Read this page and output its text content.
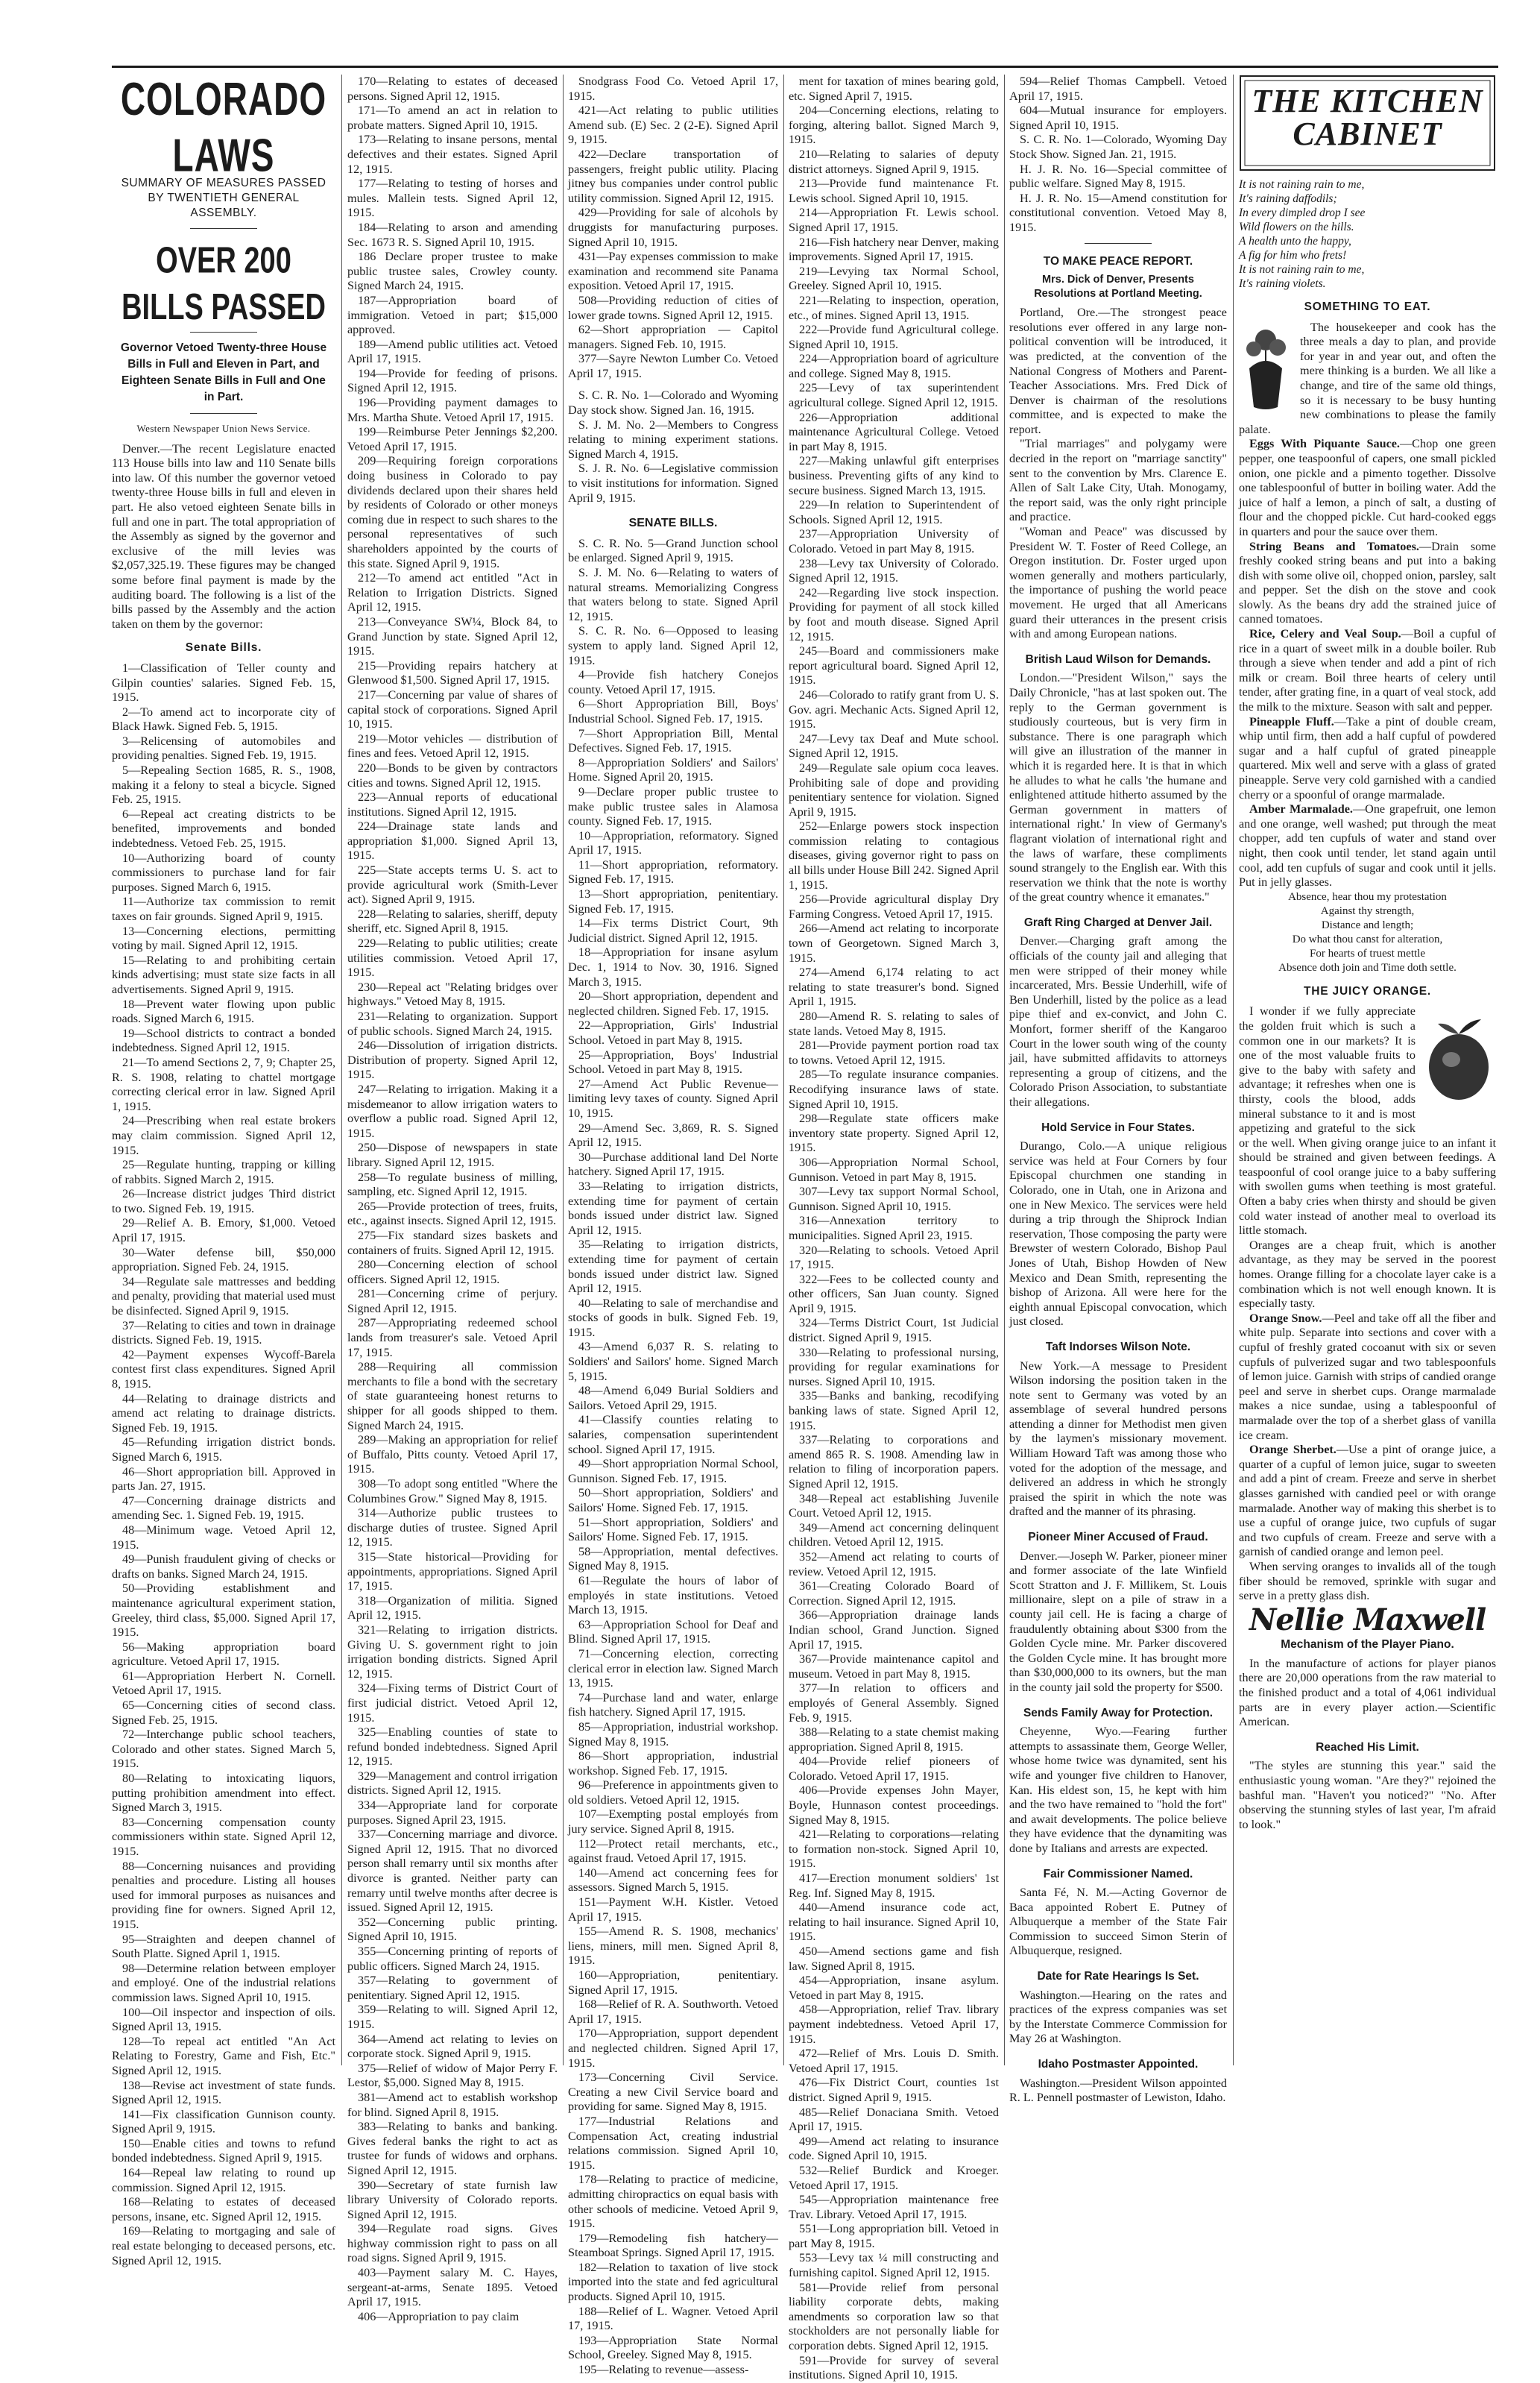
COLORADO LAWS
SUMMARY OF MEASURES PASSED BY TWENTIETH GENERAL ASSEMBLY.
OVER 200 BILLS PASSED
Governor Vetoed Twenty-three House Bills in Full and Eleven in Part, and Eighteen Senate Bills in Full and One in Part.
Western Newspaper Union News Service.

Denver.—The recent Legislature enacted 113 House bills into law and 110 Senate bills into law. Of this number the governor vetoed twenty-three House bills in full and eleven in part. He also vetoed eighteen Senate bills in full and one in part. The total appropriation of the Assembly as signed by the governor and exclusive of the mill levies was $2,057,325.19. These figures may be changed some before final payment is made by the auditing board. The following is a list of the bills passed by the Assembly and the action taken on them by the governor:

Senate Bills.

1—Classification of Teller county and Gilpin counties' salaries. Signed Feb. 15, 1915.

2—To amend act to incorporate city of Black Hawk. Signed Feb. 5, 1915.

3—Relicensing of automobiles and providing penalties. Signed Feb. 19, 1915.

5—Repealing Section 1685, R. S., 1908, making it a felony to steal a bicycle. Signed Feb. 25, 1915.

6—Repeal act creating districts to be benefited, improvements and bonded indebtedness. Vetoed Feb. 25, 1915.

10—Authorizing board of county commissioners to purchase land for fair purposes. Signed March 6, 1915.

11—Authorize tax commission to remit taxes on fair grounds. Signed April 9, 1915.

13—Concerning elections, permitting voting by mail. Signed April 12, 1915.

15—Relating to and prohibiting certain kinds advertising; must state size facts in all advertisements. Signed April 9, 1915.

18—Prevent water flowing upon public roads. Signed March 6, 1915.

19—School districts to contract a bonded indebtedness. Signed April 12, 1915.

21—To amend Sections 2, 7, 9; Chapter 25, R. S. 1908, relating to chattel mortgage correcting clerical error in law. Signed April 1, 1915.

24—Prescribing when real estate brokers may claim commission. Signed April 12, 1915.

25—Regulate hunting, trapping or killing of rabbits. Signed March 2, 1915.

26—Increase district judges Third district to two. Signed Feb. 19, 1915.

29—Relief A. B. Emory, $1,000. Vetoed April 17, 1915.

30—Water defense bill, $50,000 appropriation. Signed Feb. 24, 1915.

34—Regulate sale mattresses and bedding and penalty, providing that material used must be disinfected. Signed April 9, 1915.

37—Relating to cities and town in drainage districts. Signed Feb. 19, 1915.

42—Payment expenses Wycoff-Barela contest first class expenditures. Signed April 8, 1915.

44—Relating to drainage districts and amend act relating to drainage districts. Signed Feb. 19, 1915.

45—Refunding irrigation district bonds. Signed March 6, 1915.

46—Short appropriation bill. Approved in parts Jan. 27, 1915.

47—Concerning drainage districts and amending Sec. 1. Signed Feb. 19, 1915.

48—Minimum wage. Vetoed April 12, 1915.

49—Punish fraudulent giving of checks or drafts on banks. Signed March 24, 1915.

50—Providing establishment and maintenance agricultural experiment station, Greeley, third class, $5,000. Signed April 17, 1915.

56—Making appropriation board agriculture. Vetoed April 17, 1915.

61—Appropriation Herbert N. Cornell. Vetoed April 17, 1915.

65—Concerning cities of second class. Signed Feb. 25, 1915.

72—Interchange public school teachers, Colorado and other states. Signed March 5, 1915.

80—Relating to intoxicating liquors, putting prohibition amendment into effect. Signed March 3, 1915.

83—Concerning compensation county commissioners within state. Signed April 12, 1915.

88—Concerning nuisances and providing penalties and procedure. Listing all houses used for immoral purposes as nuisances and providing fine for owners. Signed April 12, 1915.

95—Straighten and deepen channel of South Platte. Signed April 1, 1915.

98—Determine relation between employer and employé. One of the industrial relations commission laws. Signed April 10, 1915.

100—Oil inspector and inspection of oils. Signed April 13, 1915.

128—To repeal act entitled "An Act Relating to Forestry, Game and Fish, Etc." Signed April 12, 1915.

138—Revise act investment of state funds. Signed April 12, 1915.

141—Fix classification Gunnison county. Signed April 9, 1915.

150—Enable cities and towns to refund bonded indebtedness. Signed April 9, 1915.

164—Repeal law relating to round up commission. Signed April 12, 1915.

168—Relating to estates of deceased persons, insane, etc. Signed April 12, 1915.

169—Relating to mortgaging and sale of real estate belonging to deceased persons, etc. Signed April 12, 1915.

170—Relating to estates of deceased persons. Signed April 12, 1915.

171—To amend an act in relation to probate matters. Signed April 10, 1915.

173—Relating to insane persons, mental defectives and their estates. Signed April 12, 1915.

177—Relating to testing of horses and mules. Mallein tests. Signed April 12, 1915.

184—Relating to arson and amending Sec. 1673 R. S. Signed April 10, 1915.

186 Declare proper trustee to make public trustee sales, Crowley county. Signed March 24, 1915.

187—Appropriation board of immigration. Vetoed in part; $15,000 approved.

189—Amend public utilities act. Vetoed April 17, 1915.

194—Provide for feeding of prisons. Signed April 12, 1915.

196—Providing payment damages to Mrs. Martha Shute. Vetoed April 17, 1915.

199—Reimburse Peter Jennings $2,200. Vetoed April 17, 1915.

209—Requiring foreign corporations doing business in Colorado to pay dividends declared upon their shares held by residents of Colorado or other moneys coming due in respect to such shares to the personal representatives of such shareholders appointed by the courts of this state. Signed April 9, 1915.

212—To amend act entitled "Act in Relation to Irrigation Districts. Signed April 12, 1915.

213—Conveyance SW¼, Block 84, to Grand Junction by state. Signed April 12, 1915.

215—Providing repairs hatchery at Glenwood $1,500. Signed April 17, 1915.

217—Concerning par value of shares of capital stock of corporations. Signed April 10, 1915.

219—Motor vehicles — distribution of fines and fees. Vetoed April 12, 1915.

220—Bonds to be given by contractors cities and towns. Signed April 12, 1915.

223—Annual reports of educational institutions. Signed April 12, 1915.

224—Drainage state lands and appropriation $1,000. Signed April 13, 1915.

225—State accepts terms U. S. act to provide agricultural work (Smith-Lever act). Signed April 9, 1915.

228—Relating to salaries, sheriff, deputy sheriff, etc. Signed April 8, 1915.

229—Relating to public utilities; create utilities commission. Vetoed April 17, 1915.

230—Repeal act "Relating bridges over highways." Vetoed May 8, 1915.

231—Relating to organization. Support of public schools. Signed March 24, 1915.

246—Dissolution of irrigation districts. Distribution of property. Signed April 12, 1915.

247—Relating to irrigation. Making it a misdemeanor to allow irrigation waters to overflow a public road. Signed April 12, 1915.

250—Dispose of newspapers in state library. Signed April 12, 1915.

258—To regulate business of milling, sampling, etc. Signed April 12, 1915.

265—Provide protection of trees, fruits, etc., against insects. Signed April 12, 1915.

275—Fix standard sizes baskets and containers of fruits. Signed April 12, 1915.

280—Concerning election of school officers. Signed April 12, 1915.

281—Concerning crime of perjury. Signed April 12, 1915.

287—Appropriating redeemed school lands from treasurer's sale. Vetoed April 17, 1915.

288—Requiring all commission merchants to file a bond with the secretary of state guaranteeing honest returns to shipper for all goods shipped to them. Signed March 24, 1915.

289—Making an appropriation for relief of Buffalo, Pitts county. Vetoed April 17, 1915.

308—To adopt song entitled "Where the Columbines Grow." Signed May 8, 1915.

314—Authorize public trustees to discharge duties of trustee. Signed April 12, 1915.

315—State historical—Providing for appointments, appropriations. Signed April 17, 1915.

318—Organization of militia. Signed April 12, 1915.

321—Relating to irrigation districts. Giving U. S. government right to join irrigation bonding districts. Signed April 12, 1915.

324—Fixing terms of District Court of first judicial district. Vetoed April 12, 1915.

325—Enabling counties of state to refund bonded indebtedness. Signed April 12, 1915.

329—Management and control irrigation districts. Signed April 12, 1915.

334—Appropriate land for corporate purposes. Signed April 23, 1915.

337—Concerning marriage and divorce. Signed April 12, 1915. That no divorced person shall remarry until six months after divorce is granted. Neither party can remarry until twelve months after decree is issued. Signed April 12, 1915.

352—Concerning public printing. Signed April 10, 1915.

355—Concerning printing of reports of public officers. Signed March 24, 1915.

357—Relating to government of penitentiary. Signed April 12, 1915.

359—Relating to will. Signed April 12, 1915.

364—Amend act relating to levies on corporate stock. Signed April 9, 1915.

375—Relief of widow of Major Perry F. Lestor, $5,000. Signed May 8, 1915.

381—Amend act to establish workshop for blind. Signed April 8, 1915.

383—Relating to banks and banking. Gives federal banks the right to act as trustee for funds of widows and orphans. Signed April 12, 1915.

390—Secretary of state furnish law library University of Colorado reports. Signed April 12, 1915.

394—Regulate road signs. Gives highway commission right to pass on all road signs. Signed April 9, 1915.

403—Payment salary M. C. Hayes, sergeant-at-arms, Senate 1895. Vetoed April 17, 1915.

406—Appropriation to pay claim

Snodgrass Food Co. Vetoed April 17, 1915.

421—Act relating to public utilities Amend sub. (E) Sec. 2 (2-E). Signed April 9, 1915.

422—Declare transportation of passengers, freight public utility. Placing jitney bus companies under control public utility commission. Signed April 12, 1915.

429—Providing for sale of alcohols by druggists for manufacturing purposes. Signed April 10, 1915.

431—Pay expenses commission to make examination and recommend site Panama exposition. Vetoed April 17, 1915.

508—Providing reduction of cities of lower grade towns. Signed April 12, 1915.

62—Short appropriation — Capitol managers. Signed Feb. 10, 1915.

377—Sayre Newton Lumber Co. Vetoed April 17, 1915.

S. C. R. No. 1—Colorado and Wyoming Day stock show. Signed Jan. 16, 1915.

S. J. M. No. 2—Members to Congress relating to mining experiment stations. Signed March 4, 1915.

S. J. R. No. 6—Legislative commission to visit institutions for information. Signed April 9, 1915.

SENATE BILLS.

S. C. R. No. 5—Grand Junction school be enlarged. Signed April 9, 1915.

S. J. M. No. 6—Relating to waters of natural streams. Memorializing Congress that waters belong to state. Signed April 12, 1915.

S. C. R. No. 6—Opposed to leasing system to apply land. Signed April 12, 1915.

4—Provide fish hatchery Conejos county. Vetoed April 17, 1915.

6—Short Appropriation Bill, Boys' Industrial School. Signed Feb. 17, 1915.

7—Short Appropriation Bill, Mental Defectives. Signed Feb. 17, 1915.

8—Appropriation Soldiers' and Sailors' Home. Signed April 20, 1915.

9—Declare proper public trustee to make public trustee sales in Alamosa county. Signed Feb. 17, 1915.

10—Appropriation, reformatory. Signed April 17, 1915.

11—Short appropriation, reformatory. Signed Feb. 17, 1915.

13—Short appropriation, penitentiary. Signed Feb. 17, 1915.

14—Fix terms District Court, 9th Judicial district. Signed April 12, 1915.

18—Appropriation for insane asylum Dec. 1, 1914 to Nov. 30, 1916. Signed March 3, 1915.

20—Short appropriation, dependent and neglected children. Signed Feb. 17, 1915.

22—Appropriation, Girls' Industrial School. Vetoed in part May 8, 1915.

25—Appropriation, Boys' Industrial School. Vetoed in part May 8, 1915.

27—Amend Act Public Revenue—limiting levy taxes of county. Signed April 10, 1915.

29—Amend Sec. 3,869, R. S. Signed April 12, 1915.

30—Purchase additional land Del Norte hatchery. Signed April 17, 1915.

33—Relating to irrigation districts, extending time for payment of certain bonds issued under district law. Signed April 12, 1915.

35—Relating to irrigation districts, extending time for payment of certain bonds issued under district law. Signed April 12, 1915.

40—Relating to sale of merchandise and stocks of goods in bulk. Signed Feb. 19, 1915.

43—Amend 6,037 R. S. relating to Soldiers' and Sailors' home. Signed March 5, 1915.

48—Amend 6,049 Burial Soldiers and Sailors. Vetoed April 29, 1915.

41—Classify counties relating to salaries, compensation superintendent school. Signed April 17, 1915.

49—Short appropriation Normal School, Gunnison. Signed Feb. 17, 1915.

50—Short appropriation, Soldiers' and Sailors' Home. Signed Feb. 17, 1915.

51—Short appropriation, Soldiers' and Sailors' Home. Signed Feb. 17, 1915.

58—Appropriation, mental defectives. Signed May 8, 1915.

61—Regulate the hours of labor of employés in state institutions. Vetoed March 13, 1915.

63—Appropriation School for Deaf and Blind. Signed April 17, 1915.

71—Concerning election, correcting clerical error in election law. Signed March 13, 1915.

74—Purchase land and water, enlarge fish hatchery. Signed April 17, 1915.

85—Appropriation, industrial workshop. Signed May 8, 1915.

86—Short appropriation, industrial workshop. Signed Feb. 17, 1915.

96—Preference in appointments given to old soldiers. Vetoed April 12, 1915.

107—Exempting postal employés from jury service. Signed April 8, 1915.

112—Protect retail merchants, etc., against fraud. Vetoed April 17, 1915.

140—Amend act concerning fees for assessors. Signed March 5, 1915.

151—Payment W.H. Kistler. Vetoed April 17, 1915.

155—Amend R. S. 1908, mechanics' liens, miners, mill men. Signed April 8, 1915.

160—Appropriation, penitentiary. Signed April 17, 1915.

168—Relief of R. A. Southworth. Vetoed April 17, 1915.

170—Appropriation, support dependent and neglected children. Signed April 17, 1915.

173—Concerning Civil Service. Creating a new Civil Service board and providing for same. Signed May 8, 1915.

177—Industrial Relations and Compensation Act, creating industrial relations commission. Signed April 10, 1915.

178—Relating to practice of medicine, admitting chiropractics on equal basis with other schools of medicine. Vetoed April 9, 1915.

179—Remodeling fish hatchery—Steamboat Springs. Signed April 17, 1915.

182—Relation to taxation of live stock imported into the state and fed agricultural products. Signed April 10, 1915.

188—Relief of L. Wagner. Vetoed April 17, 1915.

193—Appropriation State Normal School, Greeley. Signed May 8, 1915.

195—Relating to revenue—assess-

ment for taxation of mines bearing gold, etc. Signed April 7, 1915.

204—Concerning elections, relating to forging, altering ballot. Signed March 9, 1915.

210—Relating to salaries of deputy district attorneys. Signed April 9, 1915.

213—Provide fund maintenance Ft. Lewis school. Signed April 10, 1915.

214—Appropriation Ft. Lewis school. Signed April 17, 1915.

216—Fish hatchery near Denver, making improvements. Signed April 17, 1915.

219—Levying tax Normal School, Greeley. Signed April 10, 1915.

221—Relating to inspection, operation, etc., of mines. Signed April 13, 1915.

222—Provide fund Agricultural college. Signed April 10, 1915.

224—Appropriation board of agriculture and college. Signed May 8, 1915.

225—Levy of tax superintendent agricultural college. Signed April 12, 1915.

226—Appropriation additional maintenance Agricultural College. Vetoed in part May 8, 1915.

227—Making unlawful gift enterprises business. Preventing gifts of any kind to secure business. Signed March 13, 1915.

229—In relation to Superintendent of Schools. Signed April 12, 1915.

237—Appropriation University of Colorado. Vetoed in part May 8, 1915.

238—Levy tax University of Colorado. Signed April 12, 1915.

242—Regarding live stock inspection. Providing for payment of all stock killed by foot and mouth disease. Signed April 12, 1915.

245—Board and commissioners make report agricultural board. Signed April 12, 1915.

246—Colorado to ratify grant from U. S. Gov. agri. Mechanic Acts. Signed April 12, 1915.

247—Levy tax Deaf and Mute school. Signed April 12, 1915.

249—Regulate sale opium coca leaves. Prohibiting sale of dope and providing penitentiary sentence for violation. Signed April 9, 1915.

252—Enlarge powers stock inspection commission relating to contagious diseases, giving governor right to pass on all bills under House Bill 242. Signed April 1, 1915.

256—Provide agricultural display Dry Farming Congress. Vetoed April 17, 1915.

266—Amend act relating to incorporate town of Georgetown. Signed March 3, 1915.

274—Amend 6,174 relating to act relating to state treasurer's bond. Signed April 1, 1915.

280—Amend R. S. relating to sales of state lands. Vetoed May 8, 1915.

281—Provide payment portion road tax to towns. Vetoed April 12, 1915.

285—To regulate insurance companies. Recodifying insurance laws of state. Signed April 10, 1915.

298—Regulate state officers make inventory state property. Signed April 12, 1915.

306—Appropriation Normal School, Gunnison. Vetoed in part May 8, 1915.

307—Levy tax support Normal School, Gunnison. Signed April 10, 1915.

316—Annexation territory to municipalities. Signed April 23, 1915.

320—Relating to schools. Vetoed April 17, 1915.

322—Fees to be collected county and other officers, San Juan county. Signed April 9, 1915.

324—Terms District Court, 1st Judicial district. Signed April 9, 1915.

330—Relating to professional nursing, providing for regular examinations for nurses. Signed April 10, 1915.

335—Banks and banking, recodifying banking laws of state. Signed April 12, 1915.

337—Relating to corporations and amend 865 R. S. 1908. Amending law in relation to filing of incorporation papers. Signed April 12, 1915.

348—Repeal act establishing Juvenile Court. Vetoed April 12, 1915.

349—Amend act concerning delinquent children. Vetoed April 12, 1915.

352—Amend act relating to courts of review. Vetoed April 12, 1915.

361—Creating Colorado Board of Correction. Signed April 12, 1915.

366—Appropriation drainage lands Indian school, Grand Junction. Signed April 17, 1915.

367—Provide maintenance capitol and museum. Vetoed in part May 8, 1915.

377—In relation to officers and employés of General Assembly. Signed Feb. 9, 1915.

388—Relating to a state chemist making appropriation. Signed April 8, 1915.

404—Provide relief pioneers of Colorado. Vetoed April 17, 1915.

406—Provide expenses John Mayer, Boyle, Hunnason contest proceedings. Signed May 8, 1915.

421—Relating to corporations—relating to formation non-stock. Signed April 10, 1915.

417—Erection monument soldiers' 1st Reg. Inf. Signed May 8, 1915.

440—Amend insurance code act, relating to hail insurance. Signed April 10, 1915.

450—Amend sections game and fish law. Signed April 8, 1915.

454—Appropriation, insane asylum. Vetoed in part May 8, 1915.

458—Appropriation, relief Trav. library payment indebtedness. Vetoed April 17, 1915.

472—Relief of Mrs. Louis D. Smith. Vetoed April 17, 1915.

476—Fix District Court, counties 1st district. Signed April 9, 1915.

485—Relief Donaciana Smith. Vetoed April 17, 1915.

499—Amend act relating to insurance code. Signed April 10, 1915.

532—Relief Burdick and Kroeger. Vetoed April 17, 1915.

545—Appropriation maintenance free Trav. Library. Vetoed April 17, 1915.

551—Long appropriation bill. Vetoed in part May 8, 1915.

553—Levy tax ¼ mill constructing and furnishing capitol. Signed April 12, 1915.

581—Provide relief from personal liability corporate debts, making amendments so corporation law so that stockholders are not personally liable for corporation debts. Signed April 12, 1915.

591—Provide for survey of several institutions. Signed April 10, 1915.

594—Relief Thomas Campbell. Vetoed April 17, 1915.

604—Mutual insurance for employers. Signed April 10, 1915.

S. C. R. No. 1—Colorado, Wyoming Day Stock Show. Signed Jan. 21, 1915.

H. J. R. No. 16—Special committee of public welfare. Signed May 8, 1915.

H. J. R. No. 15—Amend constitution for constitutional convention. Vetoed May 8, 1915.

TO MAKE PEACE REPORT.
Mrs. Dick of Denver, Presents Resolutions at Portland Meeting.

Portland, Ore.—The strongest peace resolutions ever offered in any large non-political convention will be introduced, it was predicted, at the convention of the National Congress of Mothers and Parent-Teacher Associations. Mrs. Fred Dick of Denver is chairman of the resolutions committee, and is expected to make the report.

"Trial marriages" and polygamy were decried in the report on "marriage sanctity" sent to the convention by Mrs. Clarence E. Allen of Salt Lake City, Utah. Monogamy, the report said, was the only right principle and practice.

"Woman and Peace" was discussed by President W. T. Foster of Reed College, an Oregon institution. Dr. Foster urged upon women generally and mothers particularly, the importance of pushing the world peace movement. He urged that all Americans guard their utterances in the present crisis with and among European nations.

British Laud Wilson for Demands.

London.—"President Wilson," says the Daily Chronicle, "has at last spoken out. The reply to the German government is studiously courteous, but is very firm in substance. There is one paragraph which will give an illustration of the manner in which it is regarded here. It is that in which he alludes to what he calls 'the humane and enlightened attitude hitherto assumed by the German government in matters of international right.' In view of Germany's flagrant violation of international right and the laws of warfare, these compliments sound strangely to the English ear. With this reservation we think that the note is worthy of the great country whence it emanates."

Graft Ring Charged at Denver Jail.

Denver.—Charging graft among the officials of the county jail and alleging that men were stripped of their money while incarcerated, Mrs. Bessie Underhill, wife of Ben Underhill, listed by the police as a lead pipe thief and ex-convict, and John C. Monfort, former sheriff of the Kangaroo Court in the lower south wing of the county jail, have submitted affidavits to attorneys representing a group of citizens, and the Colorado Prison Association, to substantiate their allegations.

Hold Service in Four States.

Durango, Colo.—A unique religious service was held at Four Corners by four Episcopal churchmen one standing in Colorado, one in Utah, one in Arizona and one in New Mexico. The services were held during a trip through the Shiprock Indian reservation, Those composing the party were Brewster of western Colorado, Bishop Paul Jones of Utah, Bishop Howden of New Mexico and Dean Smith, representing the bishop of Arizona. All were here for the eighth annual Episcopal convocation, which just closed.

Taft Indorses Wilson Note.

New York.—A message to President Wilson indorsing the position taken in the note sent to Germany was voted by an assemblage of several hundred persons attending a dinner for Methodist men given by the laymen's missionary movement. William Howard Taft was among those who voted for the adoption of the message, and delivered an address in which he strongly praised the spirit in which the note was drafted and the manner of its phrasing.

Pioneer Miner Accused of Fraud.

Denver.—Joseph W. Parker, pioneer miner and former associate of the late Winfield Scott Stratton and J. F. Millikem, St. Louis millionaire, slept on a pile of straw in a county jail cell. He is facing a charge of fraudulently obtaining about $300 from the Golden Cycle mine. Mr. Parker discovered the Golden Cycle mine. It has brought more than $30,000,000 to its owners, but the man in the county jail sold the property for $500.

Sends Family Away for Protection.

Cheyenne, Wyo.—Fearing further attempts to assassinate them, George Weller, whose home twice was dynamited, sent his wife and younger five children to Hanover, Kan. His eldest son, 15, he kept with him and the two have remained to "hold the fort" and await developments. The police believe they have evidence that the dynamiting was done by Italians and arrests are expected.

Fair Commissioner Named.

Santa Fé, N. M.—Acting Governor de Baca appointed Robert E. Putney of Albuquerque a member of the State Fair Commission to succeed Simon Sterin of Albuquerque, resigned.

Date for Rate Hearings Is Set.

Washington.—Hearing on the rates and practices of the express companies was set by the Interstate Commerce Commission for May 26 at Washington.

Idaho Postmaster Appointed.

Washington.—President Wilson appointed R. L. Pennell postmaster of Lewiston, Idaho.

THE KITCHEN CABINET
It is not raining rain to me,
It's raining daffodils;
In every dimpled drop I see
Wild flowers on the hills.
A health unto the happy,
A fig for him who frets!
It is not raining rain to me,
It's raining violets.
SOMETHING TO EAT.

The housekeeper and cook has the three meals a day to plan, and provide for year in and year out, and often the mere thinking is a burden. We all like a change, and tire of the same old things, so it is necessary to be busy hunting new combinations to please the family palate.

Eggs With Piquante Sauce.—Chop one green pepper, one teaspoonful of capers, one small pickled onion, one pickle and a pimento together. Dissolve one tablespoonful of butter in boiling water. Add the juice of half a lemon, a pinch of salt, a dusting of flour and the chopped pickle. Cut hard-cooked eggs in quarters and pour the sauce over them.

String Beans and Tomatoes.—Drain some freshly cooked string beans and put into a baking dish with some olive oil, chopped onion, parsley, salt and pepper. Set the dish on the stove and cook slowly. As the beans dry add the strained juice of canned tomatoes.

Rice, Celery and Veal Soup.—Boil a cupful of rice in a quart of sweet milk in a double boiler. Rub through a sieve when tender and add a pint of rich milk or cream. Boil three hearts of celery until tender, after grating fine, in a quart of veal stock, add the milk to the mixture. Season with salt and pepper.

Pineapple Fluff.—Take a pint of double cream, whip until firm, then add a half cupful of powdered sugar and a half cupful of grated pineapple quartered. Mix well and serve with a glass of grated pineapple. Serve very cold garnished with a candied cherry or a spoonful of orange marmalade.

Amber Marmalade.—One grapefruit, one lemon and one orange, well washed; put through the meat chopper, add ten cupfuls of water and stand over night, then cook until tender, let stand again until cool, add ten cupfuls of sugar and cook until it jells. Put in jelly glasses.

Absence, hear thou my protestation
Against thy strength,
Distance and length;
Do what thou canst for alteration,
For hearts of truest mettle
Absence doth join and Time doth settle.
THE JUICY ORANGE.

I wonder if we fully appreciate the golden fruit which is such a common one in our markets? It is one of the most valuable fruits to give to the baby with safety and advantage; it refreshes when one is thirsty, cools the blood, adds mineral substance to it and is most appetizing and grateful to the sick or the well. When giving orange juice to an infant it should be strained and given between feedings. A teaspoonful of cool orange juice to a baby suffering with swollen gums when teething is most grateful. Often a baby cries when thirsty and should be given cold water instead of another meal to overload its little stomach.

Oranges are a cheap fruit, which is another advantage, as they may be served in the poorest homes. Orange filling for a chocolate layer cake is a combination which is not well enough known. It is especially tasty.

Orange Snow.—Peel and take off all the fiber and white pulp. Separate into sections and cover with a cupful of freshly grated cocoanut with six or seven cupfuls of pulverized sugar and two tablespoonfuls of lemon juice. Garnish with strips of candied orange peel and serve in sherbet cups. Orange marmalade makes a nice sundae, using a tablespoonful of marmalade over the top of a sherbet glass of vanilla ice cream.

Orange Sherbet.—Use a pint of orange juice, a quarter of a cupful of lemon juice, sugar to sweeten and add a pint of cream. Freeze and serve in sherbet glasses garnished with candied peel or with orange marmalade. Another way of making this sherbet is to use a cupful of orange juice, two cupfuls of sugar and two cupfuls of cream. Freeze and serve with a garnish of candied orange and lemon peel.

When serving oranges to invalids all of the tough fiber should be removed, sprinkle with sugar and serve in a pretty glass dish.

Nellie Maxwell
Mechanism of the Player Piano.

In the manufacture of actions for player pianos there are 20,000 operations from the raw material to the finished product and a total of 4,061 individual parts are in every player action.—Scientific American.

Reached His Limit.

"The styles are stunning this year." said the enthusiastic young woman. "Are they?" rejoined the bashful man. "Haven't you noticed?" "No. After observing the stunning styles of last year, I'm afraid to look."
